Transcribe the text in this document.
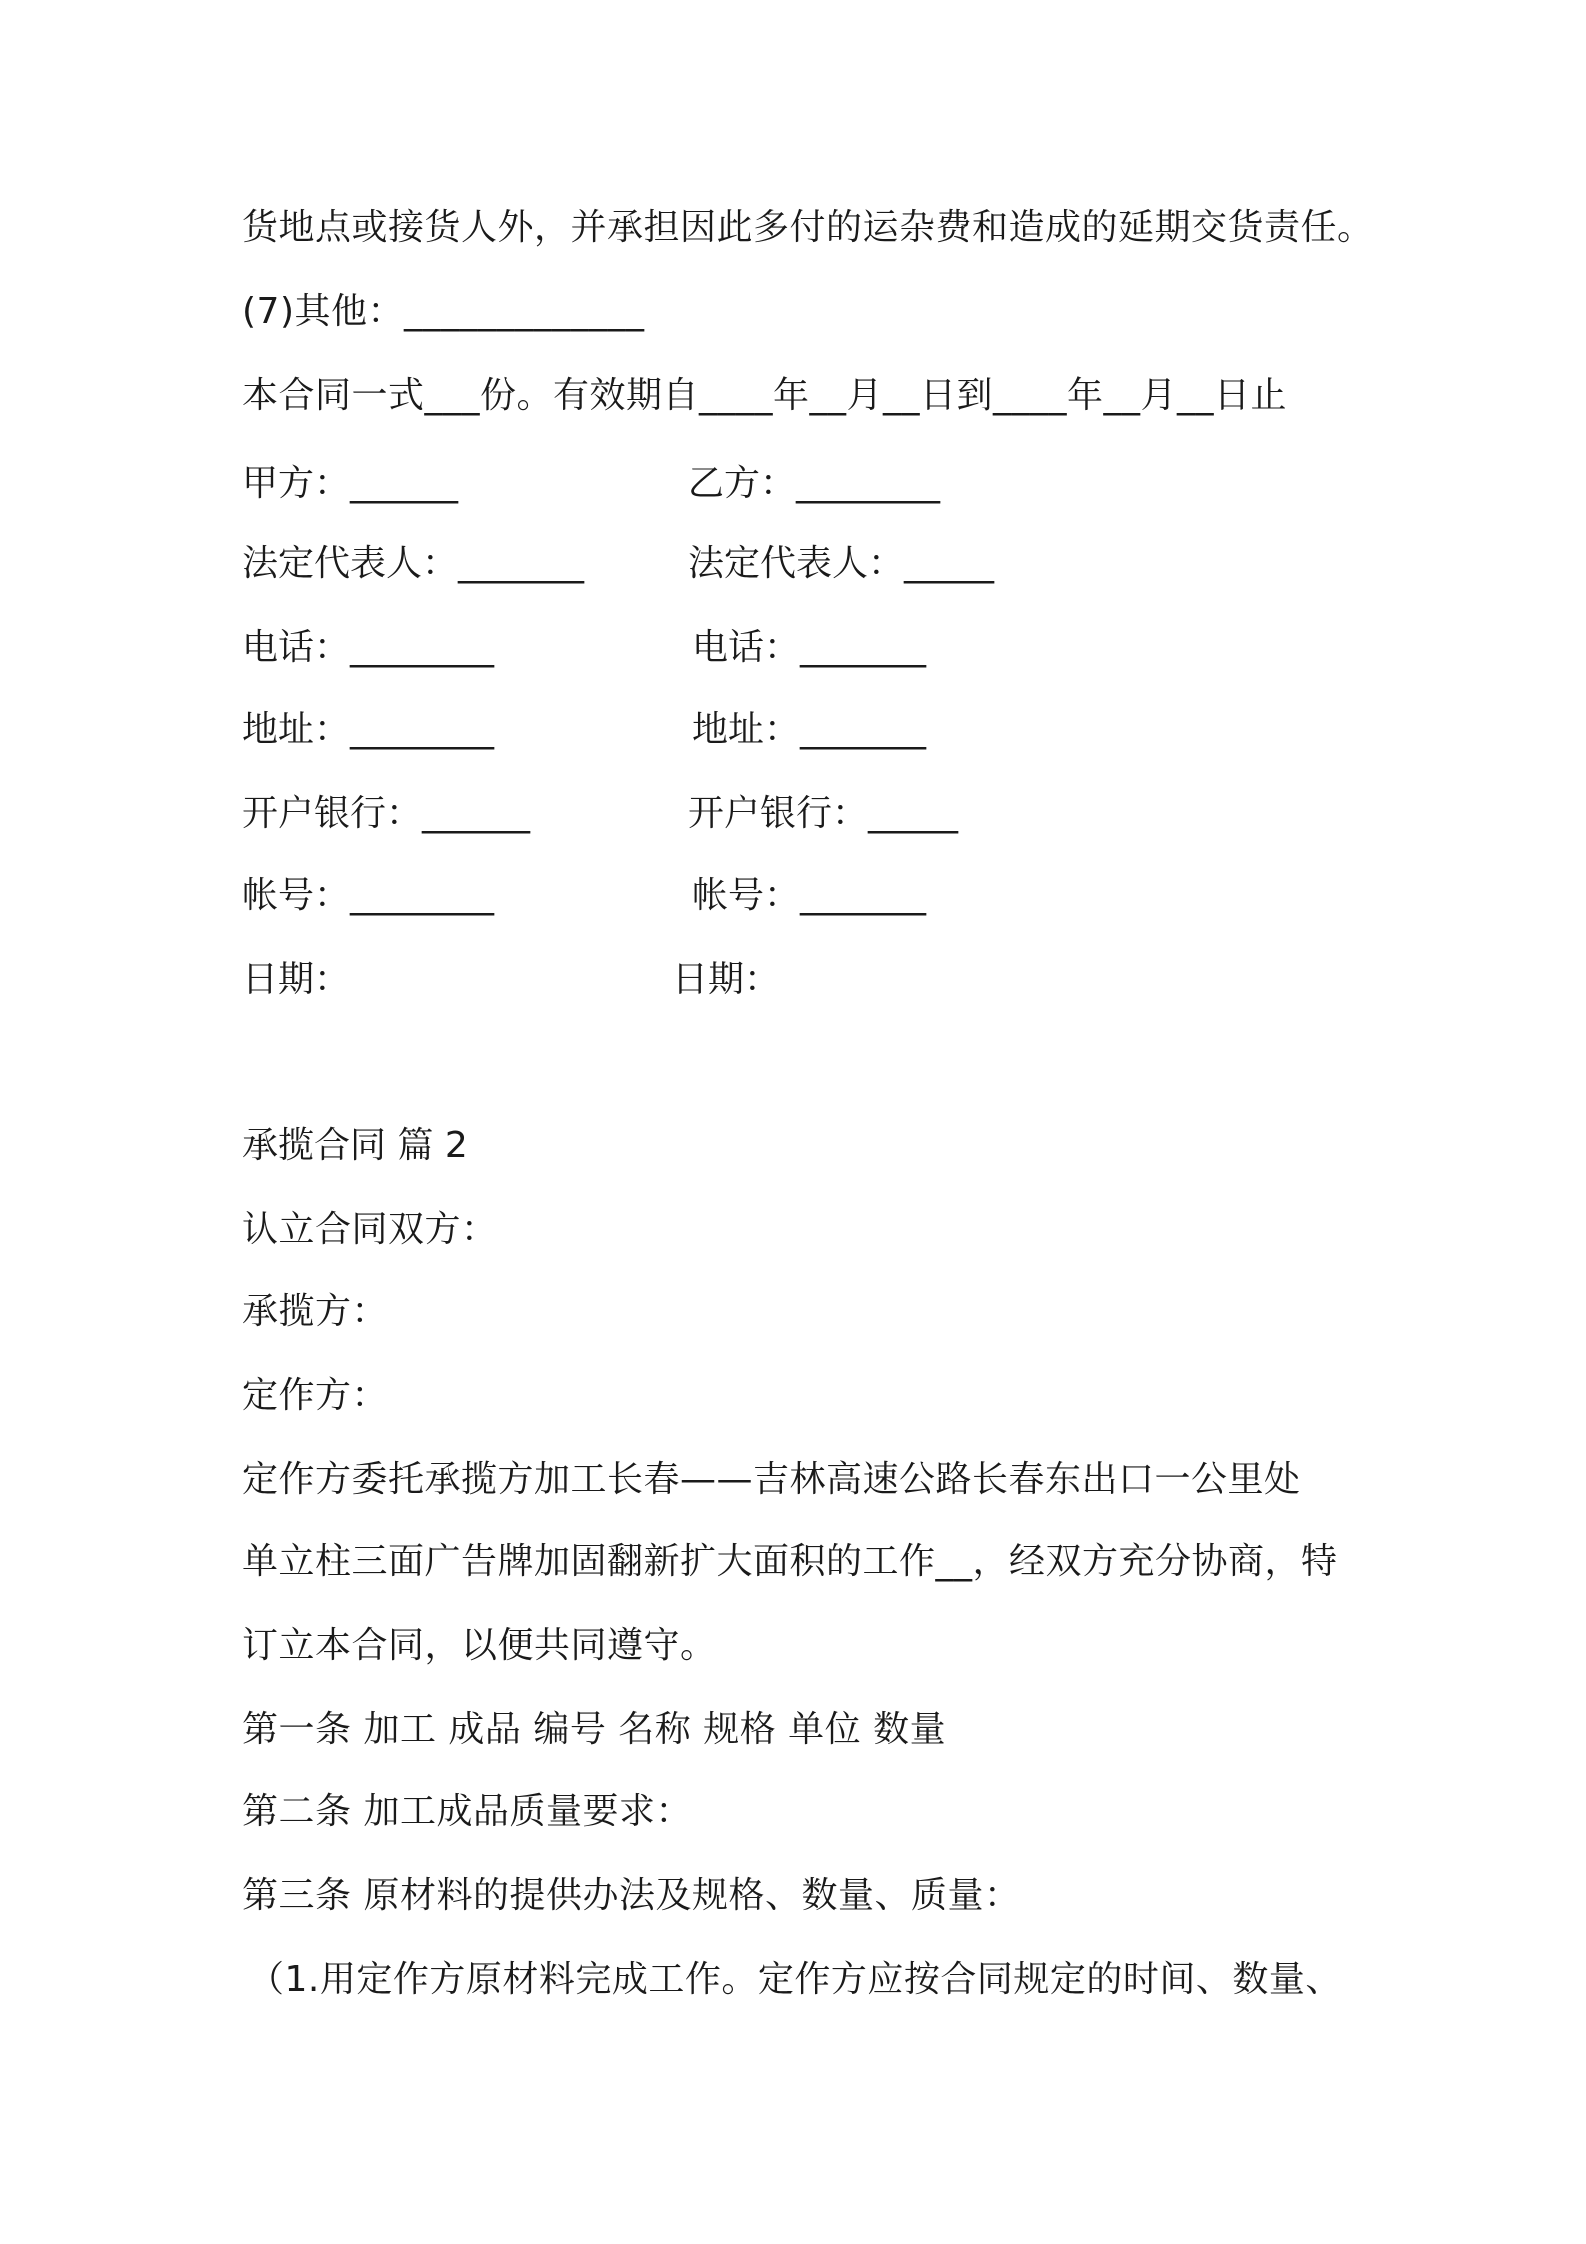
货地点或接货人外，并承担因此多付的运杂费和造成的延期交货责任。
(7)其他：_____________
本合同一式___份。有效期自____年__月__日到____年__月__日止
甲方：______	乙方：________
法定代表人：_______	法定代表人：_____
电话：________	电话：_______
地址：________	地址：_______
开户银行：______	开户银行：_____
帐号：________	帐号：_______
日期：	日期：
承揽合同 篇 2
认立合同双方：
承揽方：
定作方：
定作方委托承揽方加工长春——吉林高速公路长春东出口一公里处
单立柱三面广告牌加固翻新扩大面积的工作__，经双方充分协商，特
订立本合同，以便共同遵守。
第一条 加工 成品 编号 名称 规格 单位 数量
第二条 加工成品质量要求：
第三条 原材料的提供办法及规格、数量、质量：
（1.用定作方原材料完成工作。定作方应按合同规定的时间、数量、
